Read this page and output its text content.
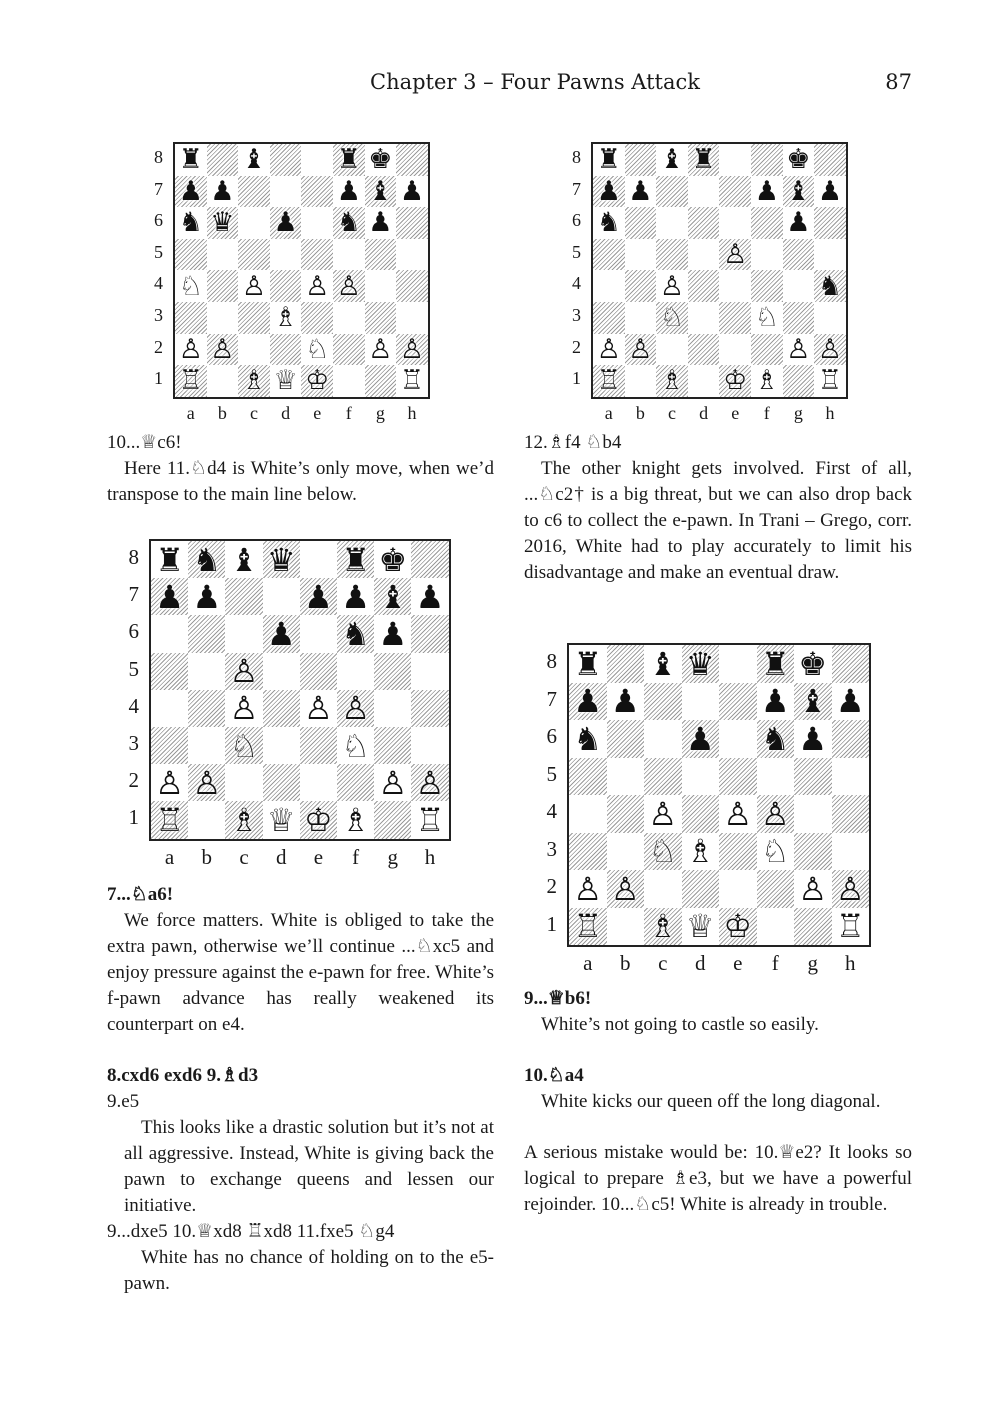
Chapter 3 – Four Pawns Attack	87

10...♕c6!

Here 11.♘d4 is White’s only move, when we’d transpose to the main line below.

7...♘a6!

We force matters. White is obliged to take the extra pawn, otherwise we’ll continue ...♘xc5 and enjoy pressure against the e-pawn for free. White’s f-pawn advance has really weakened its counterpart on e4.

8.cxd6 exd6 9.♗d3

9.e5

This looks like a drastic solution but it’s not at all aggressive. Instead, White is giving back the pawn to exchange queens and lessen our initiative.

9...dxe5 10.♕xd8 ♖xd8 11.fxe5 ♘g4

White has no chance of holding on to the e5-pawn.

12.♗f4 ♘b4

The other knight gets involved. First of all, ...♘c2† is a big threat, but we can also drop back to c6 to collect the e-pawn. In Trani – Grego, corr. 2016, White had to play accurately to limit his disadvantage and make an eventual draw.

9...♕b6!

White’s not going to castle so easily.

10.♘a4

White kicks our queen off the long diagonal.

A serious mistake would be: 10.♕e2? It looks so logical to prepare ♗e3, but we have a powerful rejoinder. 10...♘c5! White is already in trouble.

♜ ♝	♜ ♚
♟ ♟	♟ ♝ ♟
♞ ♛ ♟ ♞ ♟
♘ ♙ ♙ ♙
♗
♙ ♙	♘ ♙ ♙
♖ ♗ ♕ ♔	♖
8
7
6
5
4
3
2
1
a	b	c	d	e	f	g	h
♜ ♝ ♜	♚
♟ ♟	♟ ♝ ♟
♞	♟
♙
♙	♞
♘	♘
♙ ♙	♙ ♙
♖ ♗ ♔ ♗ ♖
8
7
6
5
4
3
2
1
a	b	c	d	e	f	g	h
♜ ♞ ♝ ♛ ♜ ♚
♟ ♟	♟ ♟ ♝ ♟
♟ ♞ ♟
♙
♙ ♙ ♙
♘	♘
♙ ♙	♙ ♙
♖ ♗ ♕ ♔ ♗ ♖
8
7
6
5
4
3
2
1
a	b	c	d	e	f	g	h
♜ ♝ ♛ ♜ ♚
♟ ♟	♟ ♝ ♟
♞	♟ ♞ ♟
♙ ♙ ♙
♘ ♗ ♘
♙ ♙	♙ ♙
♖ ♗ ♕ ♔	♖
8
7
6
5
4
3
2
1
a	b	c	d	e	f	g	h
